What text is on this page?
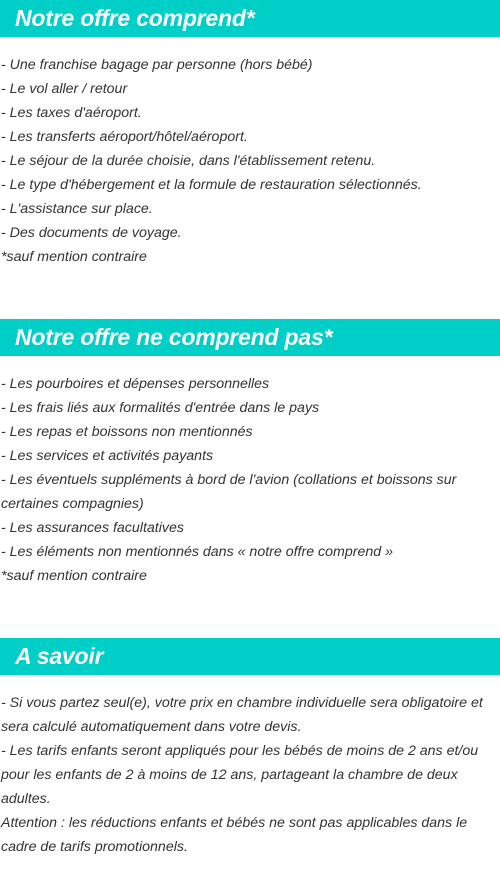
Notre offre comprend*
- Une franchise bagage par personne (hors bébé)
- Le vol aller / retour
- Les taxes d'aéroport.
- Les transferts aéroport/hôtel/aéroport.
- Le séjour de la durée choisie, dans l'établissement retenu.
- Le type d'hébergement et la formule de restauration sélectionnés.
- L'assistance sur place.
- Des documents de voyage.
*sauf mention contraire
Notre offre ne comprend pas*
- Les pourboires et dépenses personnelles
- Les frais liés aux formalités d'entrée dans le pays
- Les repas et boissons non mentionnés
- Les services et activités payants
- Les éventuels suppléments à bord de l'avion (collations et boissons sur certaines compagnies)
- Les assurances facultatives
- Les éléments non mentionnés dans « notre offre comprend »
*sauf mention contraire
A savoir
- Si vous partez seul(e), votre prix en chambre individuelle sera obligatoire et sera calculé automatiquement dans votre devis.
- Les tarifs enfants seront appliqués pour les bébés de moins de 2 ans et/ou pour les enfants de 2 à moins de 12 ans, partageant la chambre de deux adultes.
Attention : les réductions enfants et bébés ne sont pas applicables dans le cadre de tarifs promotionnels.
